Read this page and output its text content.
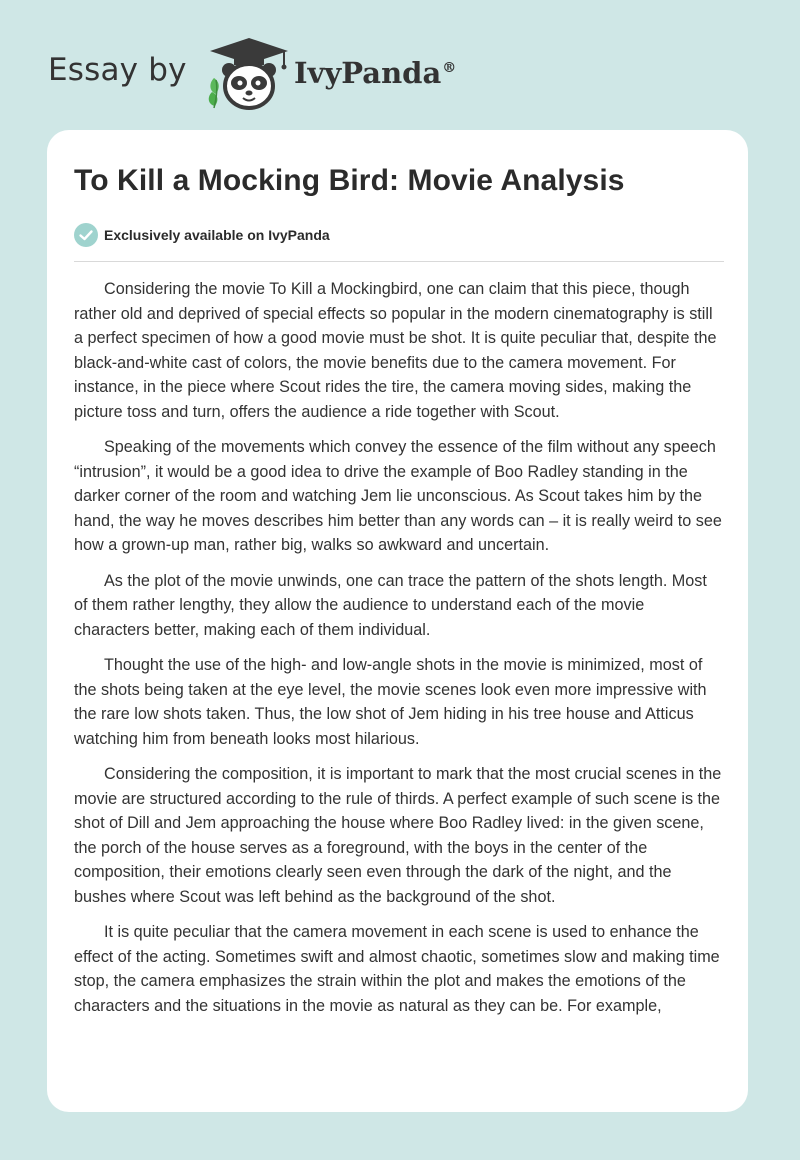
Essay by	IvyPanda®
To Kill a Mocking Bird: Movie Analysis
Exclusively available on IvyPanda

Considering the movie To Kill a Mockingbird, one can claim that this piece, though rather old and deprived of special effects so popular in the modern cinematography is still a perfect specimen of how a good movie must be shot. It is quite peculiar that, despite the black-and-white cast of colors, the movie benefits due to the camera movement. For instance, in the piece where Scout rides the tire, the camera moving sides, making the picture toss and turn, offers the audience a ride together with Scout.

Speaking of the movements which convey the essence of the film without any speech “intrusion”, it would be a good idea to drive the example of Boo Radley standing in the darker corner of the room and watching Jem lie unconscious. As Scout takes him by the hand, the way he moves describes him better than any words can – it is really weird to see how a grown-up man, rather big, walks so awkward and uncertain.

As the plot of the movie unwinds, one can trace the pattern of the shots length. Most of them rather lengthy, they allow the audience to understand each of the movie characters better, making each of them individual.

Thought the use of the high- and low-angle shots in the movie is minimized, most of the shots being taken at the eye level, the movie scenes look even more impressive with the rare low shots taken. Thus, the low shot of Jem hiding in his tree house and Atticus watching him from beneath looks most hilarious.

Considering the composition, it is important to mark that the most crucial scenes in the movie are structured according to the rule of thirds. A perfect example of such scene is the shot of Dill and Jem approaching the house where Boo Radley lived: in the given scene, the porch of the house serves as a foreground, with the boys in the center of the composition, their emotions clearly seen even through the dark of the night, and the bushes where Scout was left behind as the background of the shot.

It is quite peculiar that the camera movement in each scene is used to enhance the effect of the acting. Sometimes swift and almost chaotic, sometimes slow and making time stop, the camera emphasizes the strain within the plot and makes the emotions of the characters and the situations in the movie as natural as they can be. For example,
